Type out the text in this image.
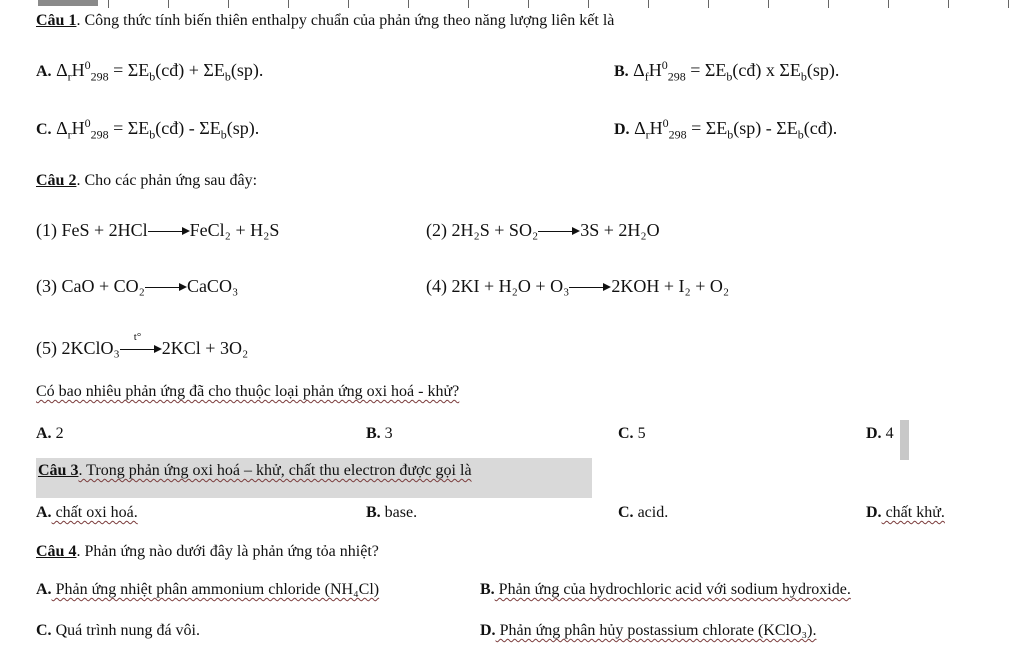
Câu 1. Công thức tính biến thiên enthalpy chuẩn của phản ứng theo năng lượng liên kết là
A. $\Delta_rH^0_{298}$ = $\Sigma E_b(cđ) + \Sigma E_b(sp)$.	B. $\Delta_fH^0_{298}$ = $\Sigma E_b(cđ)$ x $\Sigma E_b(sp)$.
C. $\Delta_rH^0_{298}$ = $\Sigma E_b(cđ) - \Sigma E_b(sp)$.	D. $\Delta_rH^0_{298} = \Sigma E_b(sp)$ - $\Sigma E_b(cđ)$.
Câu 2. Cho các phản ứng sau đây:
(1) FeS + 2HCl FeCl₂ + H₂S	(2) 2H₂S + SO₂ 3S + 2H₂O
(3) CaO + CO₂ CaCO₃	(4) 2KI + H₂O + O₃ 2KOH + I₂ + O₂
(5) 2KClO₃
t°
2KCl + 3O₂
Có bao nhiêu phản ứng đã cho thuộc loại phản ứng oxi hoá - khử?
A. 2	B. 3	C. 5	D. 4
Câu 3. Trong phản ứng oxi hoá – khử, chất thu electron được gọi là
A. chất oxi hoá.	B. base.	C. acid.	D. chất khử.
Câu 4. Phản ứng nào dưới đây là phản ứng tỏa nhiệt?
A. Phản ứng nhiệt phân ammonium chloride (NH₄Cl)	B. Phản ứng của hydrochloric acid với sodium hydroxide.
C. Quá trình nung đá vôi.	D. Phản ứng phân hủy postassium chlorate (KClO₃).
